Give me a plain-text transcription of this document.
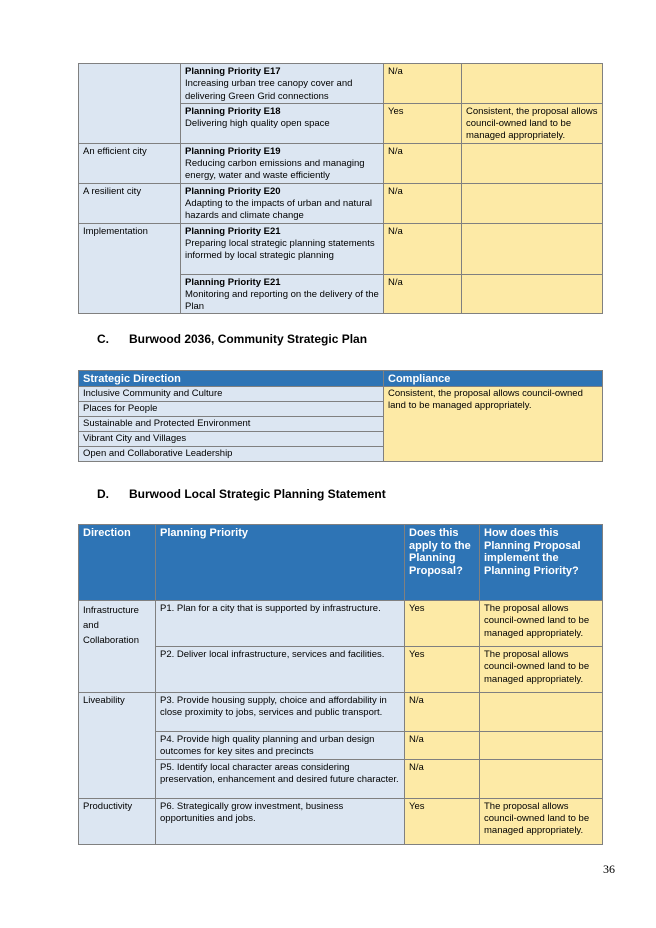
	Planning Priority E17
Increasing urban tree canopy cover and delivering Green Grid connections	N/a	

	Planning Priority E18
Delivering high quality open space	Yes	Consistent, the proposal allows council-owned land to be managed appropriately.
An efficient city	Planning Priority E19
Reducing carbon emissions and managing energy, water and waste efficiently	N/a	
A resilient city	Planning Priority E20
Adapting to the impacts of urban and natural hazards and climate change	N/a	
Implementation	Planning Priority E21
Preparing local strategic planning statements informed by local strategic planning	N/a	

	Planning Priority E21
Monitoring and reporting on the delivery of the Plan	N/a	
C. Burwood 2036, Community Strategic Plan
Strategic Direction	Compliance
Inclusive Community and Culture	Consistent, the proposal allows council-owned land to be managed appropriately.
Places for People	
Sustainable and Protected Environment	
Vibrant City and Villages	
Open and Collaborative Leadership	
D. Burwood Local Strategic Planning Statement
Direction	Planning Priority	Does this apply to the Planning Proposal?	How does this Planning Proposal implement the Planning Priority?
Infrastructure and Collaboration	P1. Plan for a city that is supported by infrastructure.	Yes	The proposal allows council-owned land to be managed appropriately.
	P2. Deliver local infrastructure, services and facilities.	Yes	The proposal allows council-owned land to be managed appropriately.
Liveability	P3. Provide housing supply, choice and affordability in close proximity to jobs, services and public transport.	N/a	
	P4. Provide high quality planning and urban design outcomes for key sites and precincts	N/a	
	P5. Identify local character areas considering preservation, enhancement and desired future character.	N/a	
Productivity	P6. Strategically grow investment, business opportunities and jobs.	Yes	The proposal allows council-owned land to be managed appropriately.
36
